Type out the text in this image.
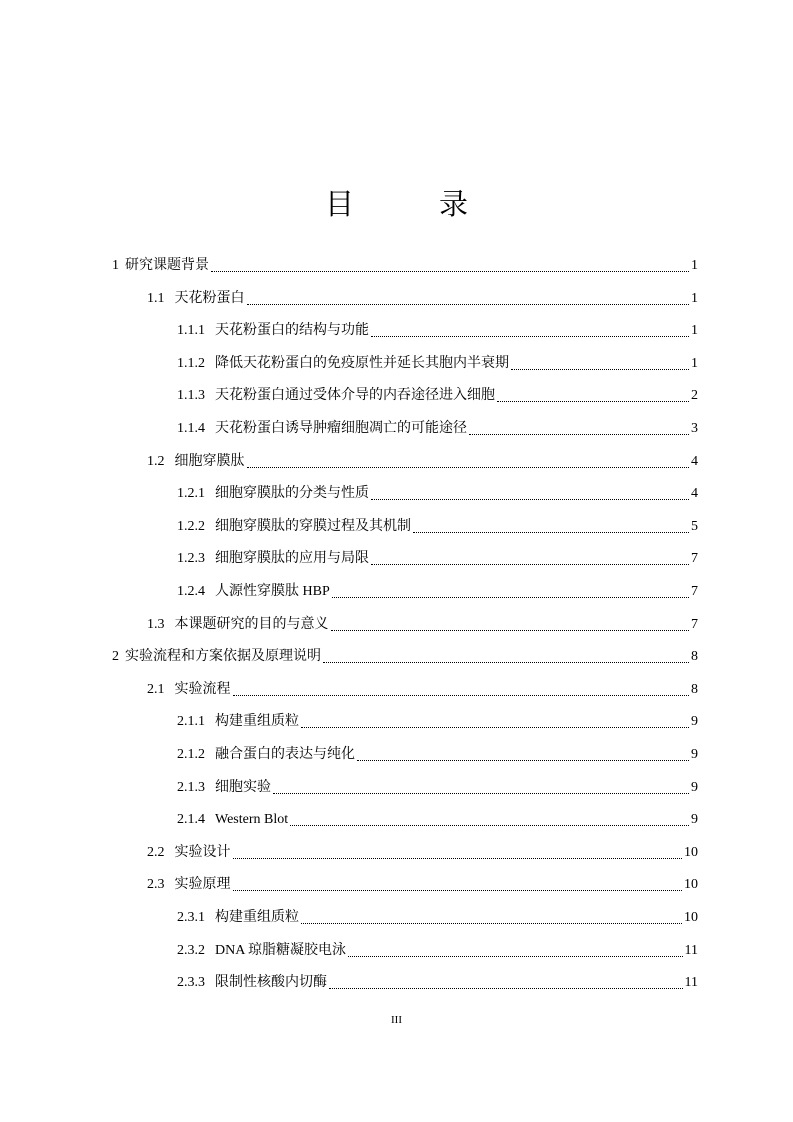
目　录
1 研究课题背景	1
1.1 天花粉蛋白	1
1.1.1 天花粉蛋白的结构与功能	1
1.1.2 降低天花粉蛋白的免疫原性并延长其胞内半衰期	1
1.1.3 天花粉蛋白通过受体介导的内吞途径进入细胞	2
1.1.4 天花粉蛋白诱导肿瘤细胞凋亡的可能途径	3
1.2 细胞穿膜肽	4
1.2.1 细胞穿膜肽的分类与性质	4
1.2.2 细胞穿膜肽的穿膜过程及其机制	5
1.2.3 细胞穿膜肽的应用与局限	7
1.2.4 人源性穿膜肽 HBP	7
1.3 本课题研究的目的与意义	7
2 实验流程和方案依据及原理说明	8
2.1 实验流程	8
2.1.1 构建重组质粒	9
2.1.2 融合蛋白的表达与纯化	9
2.1.3 细胞实验	9
2.1.4 Western Blot	9
2.2 实验设计	10
2.3 实验原理	10
2.3.1 构建重组质粒	10
2.3.2 DNA 琼脂糖凝胶电泳	11
2.3.3 限制性核酸内切酶	11
III
